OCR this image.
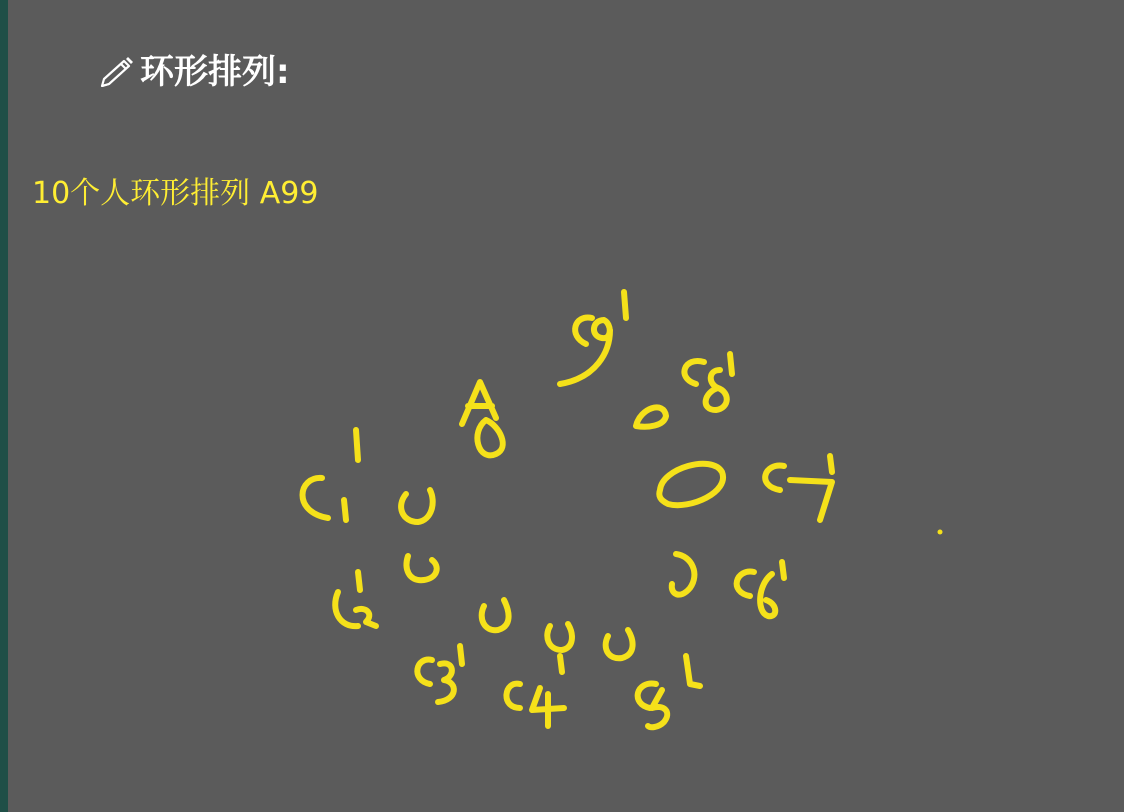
环形排列:
10个人环形排列 A99
